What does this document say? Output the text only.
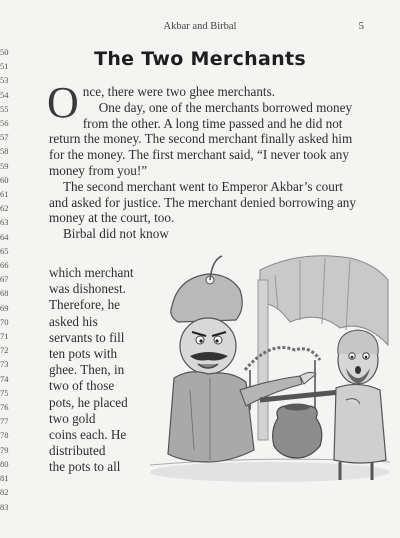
50
51
53
54
55
56
57
58
59
60
61
62
63
64
65
66
67
68
69
70
71
72
73
74
75
76
77
78
79
80
81
82
83
Akbar and Birbal	5
The Two Merchants

Once, there were two ghee merchants.
One day, one of the merchants borrowed money from the other. A long time passed and he did not return the money. The second merchant finally asked him for the money. The first merchant said, “I never took any money from you!”

The second merchant went to Emperor Akbar’s court and asked for justice. The merchant denied borrowing any money at the court, too.

Birbal did not know

which merchant
was dishonest.
Therefore, he
asked his
servants to fill
ten pots with
ghee. Then, in
two of those
pots, he placed
two gold
coins each. He
distributed
the pots to all
